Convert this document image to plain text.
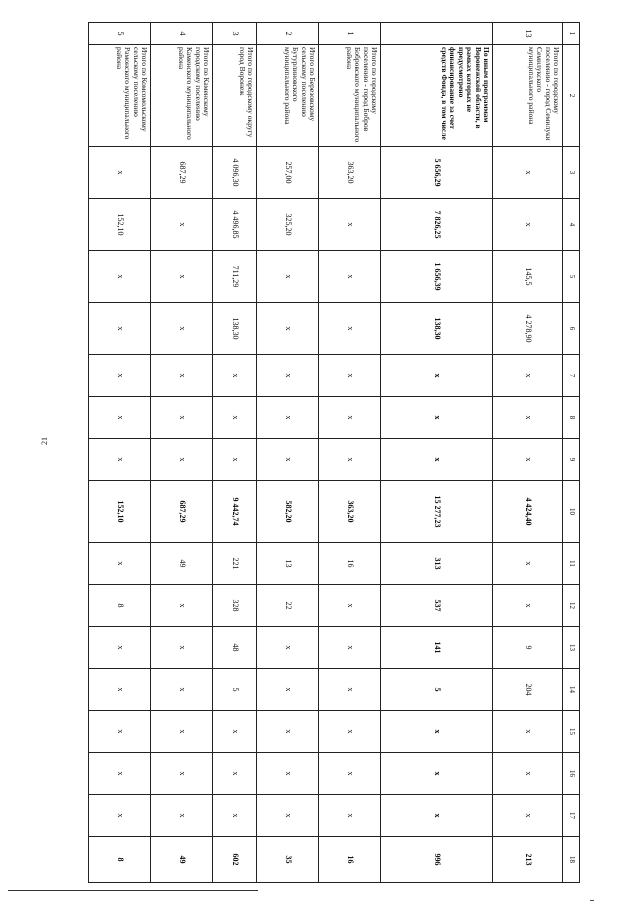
21
1	2	3	4	5	6	7	8	9	10	11	12	13	14	15	16	17	18
13	Итого по городскому поселению - город Семилуки Семилукского муниципального района	х	х	145,5	4 278,90	х	х	х	4 424,40	х	х	9	204	х	х	х	213
	По иным программам Воронежской области, в рамках которых не предусмотрено финансирование за счет средств Фонда, в том числе	5 656,29	7 826,25	1 656,39	138,30	х	х	х	15 277,23	313	537	141	5	х	х	х	996
1	Итого по городскому поселению - город Бобров Бобровского муниципального района	363,20	х	х	х	х	х	х	363,20	16	х	х	х	х	х	х	16
2	Итого по Березовскому сельскому поселению Бутурлиновского муниципального района	257,00	325,20	х	х	х	х	х	582,20	13	22	х	х	х	х	х	35
3	Итого по городскому округу город Воронеж	4 096,30	4 496,85	711,29	138,30	х	х	х	9 442,74	221	328	48	5	х	х	х	602
4	Итого по Каменскому городскому поселению Каменского муниципального района	687,29	х	х	х	х	х	х	687,29	49	х	х	х	х	х	х	49
5	Итого по Комсомольскому сельскому поселению Рамонского муниципального района	х	152,10	х	х	х	х	х	152,10	х	8	х	х	х	х	х	8
